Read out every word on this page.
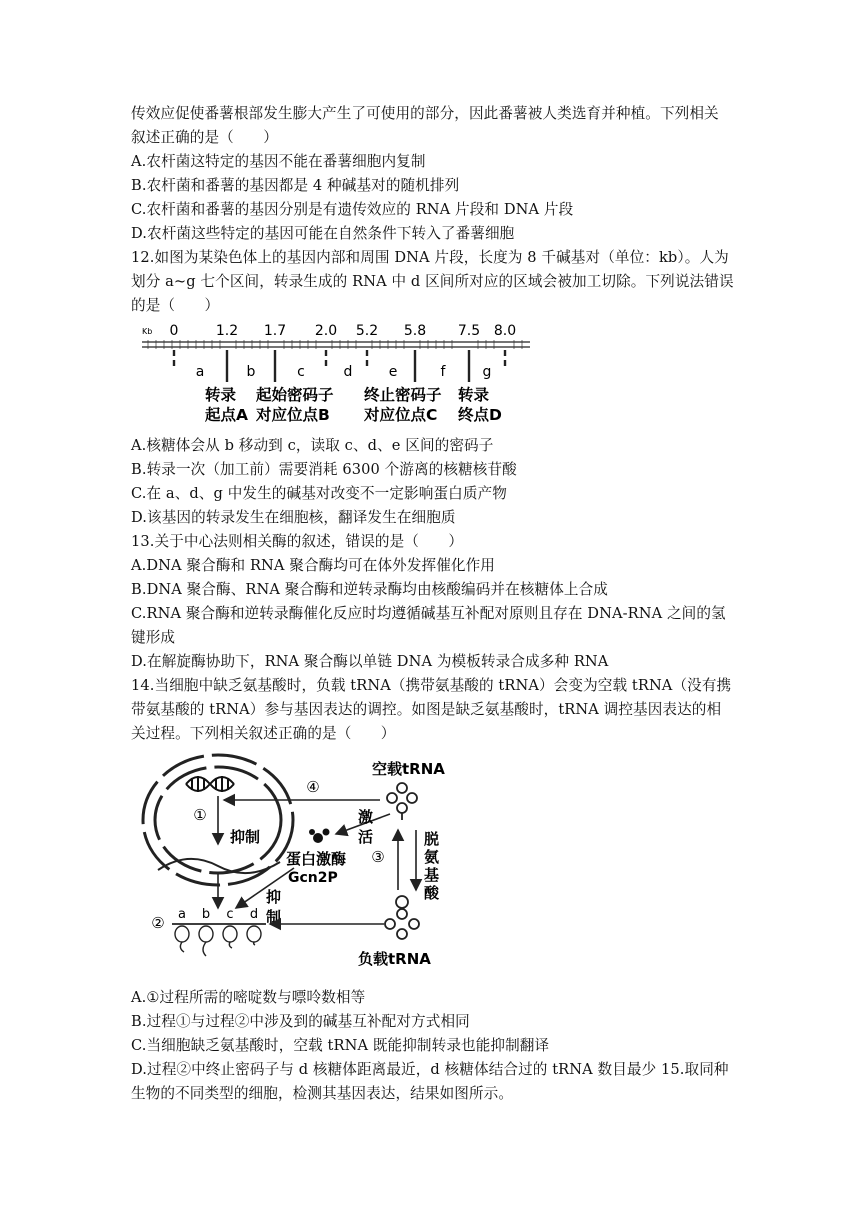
传效应促使番薯根部发生膨大产生了可使用的部分，因此番薯被人类选育并种植。下列相关
叙述正确的是（　　）
A.农杆菌这特定的基因不能在番薯细胞内复制
B.农杆菌和番薯的基因都是 4 种碱基对的随机排列
C.农杆菌和番薯的基因分别是有遗传效应的 RNA 片段和 DNA 片段
D.农杆菌这些特定的基因可能在自然条件下转入了番薯细胞
12.如图为某染色体上的基因内部和周围 DNA 片段，长度为 8 千碱基对（单位：kb）。人为
划分 a~g 七个区间，转录生成的 RNA 中 d 区间所对应的区域会被加工切除。下列说法错误
的是（　　）
Kb 0	1.2 1.7 2.0 5.2 5.8 7.5 8.0
a	b	c	d	e	f	g
转录
起点A
起始密码子
对应位点B
终止密码子
对应位点C
转录
终点D
A.核糖体会从 b 移动到 c，读取 c、d、e 区间的密码子
B.转录一次（加工前）需要消耗 6300 个游离的核糖核苷酸
C.在 a、d、g 中发生的碱基对改变不一定影响蛋白质产物
D.该基因的转录发生在细胞核，翻译发生在细胞质
13.关于中心法则相关酶的叙述，错误的是（　　）
A.DNA 聚合酶和 RNA 聚合酶均可在体外发挥催化作用
B.DNA 聚合酶、RNA 聚合酶和逆转录酶均由核酸编码并在核糖体上合成
C.RNA 聚合酶和逆转录酶催化反应时均遵循碱基互补配对原则且存在 DNA-RNA 之间的氢
键形成
D.在解旋酶协助下，RNA 聚合酶以单链 DNA 为模板转录合成多种 RNA
14.当细胞中缺乏氨基酸时，负载 tRNA（携带氨基酸的 tRNA）会变为空载 tRNA（没有携
带氨基酸的 tRNA）参与基因表达的调控。如图是缺乏氨基酸时，tRNA 调控基因表达的相
关过程。下列相关叙述正确的是（　　）
①
抑制
④
空载tRNA
激
活
蛋白激酶
Gcn2P
抑
制
③
脱
氨
基
酸
负载tRNA
② a b c d
A.①过程所需的嘧啶数与嘌呤数相等
B.过程①与过程②中涉及到的碱基互补配对方式相同
C.当细胞缺乏氨基酸时，空载 tRNA 既能抑制转录也能抑制翻译
D.过程②中终止密码子与 d 核糖体距离最近，d 核糖体结合过的 tRNA 数目最少 15.取同种
生物的不同类型的细胞，检测其基因表达，结果如图所示。
